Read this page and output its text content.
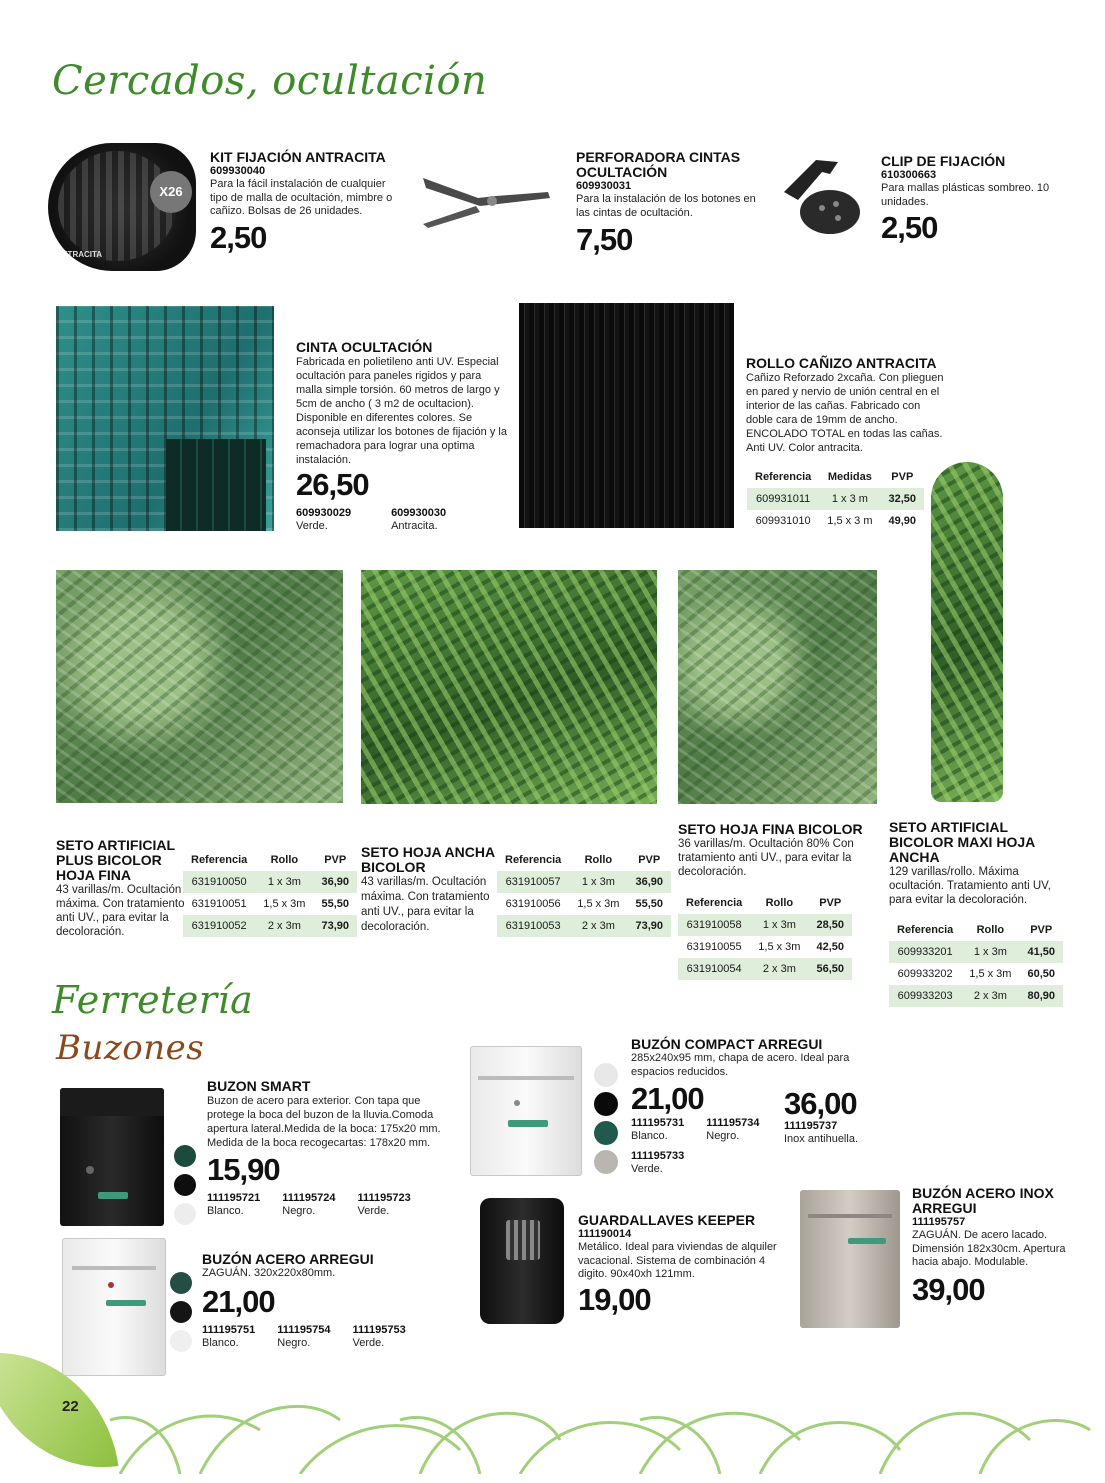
Cercados, ocultación
X26
ANTRACITA
KIT FIJACIÓN ANTRACITA
609930040
Para la fácil instalación de cualquier tipo de malla de ocultación, mimbre o cañizo. Bolsas de 26 unidades.
2,50
PERFORADORA CINTAS OCULTACIÓN
609930031
Para la instalación de los botones en las cintas de ocultación.
7,50
CLIP DE FIJACIÓN
610300663
Para mallas plásticas sombreo. 10 unidades.
2,50
CINTA OCULTACIÓN
Fabricada en polietileno anti UV. Especial ocultación para paneles rigidos y para malla simple torsión. 60 metros de largo y 5cm de ancho ( 3 m2 de ocultacion). Disponible en diferentes colores. Se aconseja utilizar los botones de fijación y la remachadora para lograr una optima instalación.
26,50
609930029
Verde.
609930030
Antracita.
ROLLO CAÑIZO ANTRACITA
Cañizo Reforzado 2xcaña. Con plieguen en pared y nervio de unión central en el interior de las cañas. Fabricado con doble cara de 19mm de ancho. ENCOLADO TOTAL en todas las cañas. Anti UV. Color antracita.
Referencia	Medidas	PVP
609931011	1 x 3 m	32,50
609931010	1,5 x 3 m	49,90
SETO ARTIFICIAL PLUS BICOLOR HOJA FINA
43 varillas/m. Ocultación máxima. Con tratamiento anti UV., para evitar la decoloración.
Referencia	Rollo	PVP
631910050	1 x 3m	36,90
631910051	1,5 x 3m	55,50
631910052	2 x 3m	73,90
SETO HOJA ANCHA BICOLOR
43 varillas/m. Ocultación máxima. Con tratamiento anti UV., para evitar la decoloración.
Referencia	Rollo	PVP
631910057	1 x 3m	36,90
631910056	1,5 x 3m	55,50
631910053	2 x 3m	73,90
SETO HOJA FINA BICOLOR
36 varillas/m. Ocultación 80% Con tratamiento anti UV., para evitar la decoloración.
Referencia	Rollo	PVP
631910058	1 x 3m	28,50
631910055	1,5 x 3m	42,50
631910054	2 x 3m	56,50
SETO ARTIFICIAL BICOLOR MAXI HOJA ANCHA
129 varillas/rollo. Máxima ocultación. Tratamiento anti UV, para evitar la decoloración.
Referencia	Rollo	PVP
609933201	1 x 3m	41,50
609933202	1,5 x 3m	60,50
609933203	2 x 3m	80,90
Ferretería
Buzones
BUZON SMART
Buzon de acero para exterior. Con tapa que protege la boca del buzon de la lluvia.Comoda apertura lateral.Medida de la boca: 175x20 mm. Medida de la boca recogecartas: 178x20 mm.
15,90
111195721
Blanco.
111195724
Negro.
111195723
Verde.
BUZÓN ACERO ARREGUI
ZAGUÁN. 320x220x80mm.
21,00
111195751
Blanco.
111195754
Negro.
111195753
Verde.
BUZÓN COMPACT ARREGUI
285x240x95 mm, chapa de acero. Ideal para espacios reducidos.
21,00
111195731
Blanco.
111195734
Negro.
111195733
Verde.
36,00
111195737
Inox antihuella.
GUARDALLAVES KEEPER
111190014
Metálico. Ideal para viviendas de alquiler vacacional. Sistema de combinación 4 digito. 90x40xh 121mm.
19,00
BUZÓN ACERO INOX ARREGUI
111195757
ZAGUÁN. De acero lacado. Dimensión 182x30cm. Apertura hacia abajo. Modulable.
39,00
22
